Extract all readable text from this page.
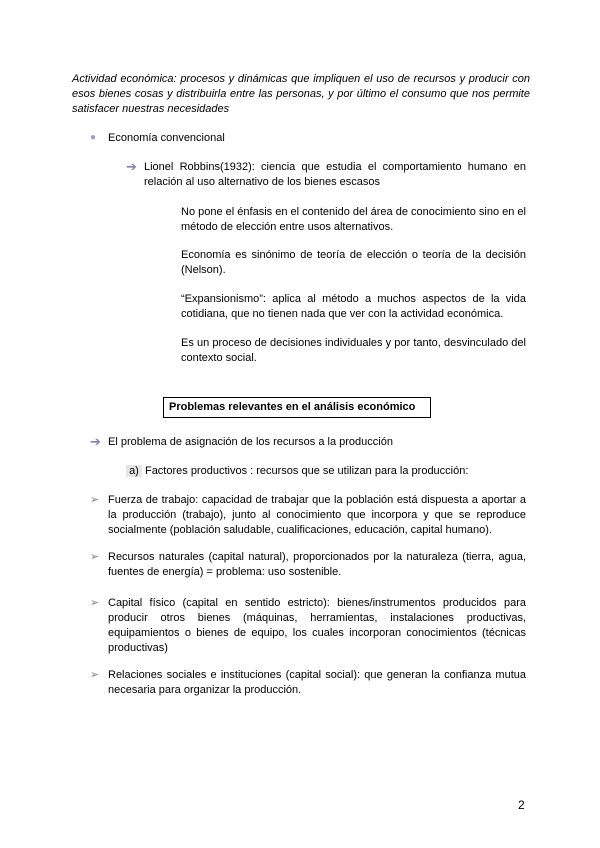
Actividad económica: procesos y dinámicas que impliquen el uso de recursos y producir con esos bienes cosas y distribuirla entre las personas, y por último el consumo que nos permite satisfacer nuestras necesidades
●	Economía convencional
➔ Lionel Robbins(1932): ciencia que estudia el comportamiento humano en relación al uso alternativo de los bienes escasos
No pone el énfasis en el contenido del área de conocimiento sino en el método de elección entre usos alternativos.
Economía es sinónimo de teoría de elección o teoría de la decisión (Nelson).
“Expansionismo”: aplica al método a muchos aspectos de la vida cotidiana, que no tienen nada que ver con la actividad económica.
Es un proceso de decisiones individuales y por tanto, desvinculado del contexto social.
Problemas relevantes en el análisis económico
➔ El problema de asignación de los recursos a la producción
a) Factores productivos : recursos que se utilizan para la producción:
➢ Fuerza de trabajo: capacidad de trabajar que la población está dispuesta a aportar a la producción (trabajo), junto al conocimiento que incorpora y que se reproduce socialmente (población saludable, cualificaciones, educación, capital humano).
➢ Recursos naturales (capital natural), proporcionados por la naturaleza (tierra, agua, fuentes de energía) = problema: uso sostenible.
➢ Capital físico (capital en sentido estricto): bienes/instrumentos producidos para producir otros bienes (máquinas, herramientas, instalaciones productivas, equipamientos o bienes de equipo, los cuales incorporan conocimientos (técnicas productivas)
➢ Relaciones sociales e instituciones (capital social): que generan la confianza mutua necesaria para organizar la producción.
2
